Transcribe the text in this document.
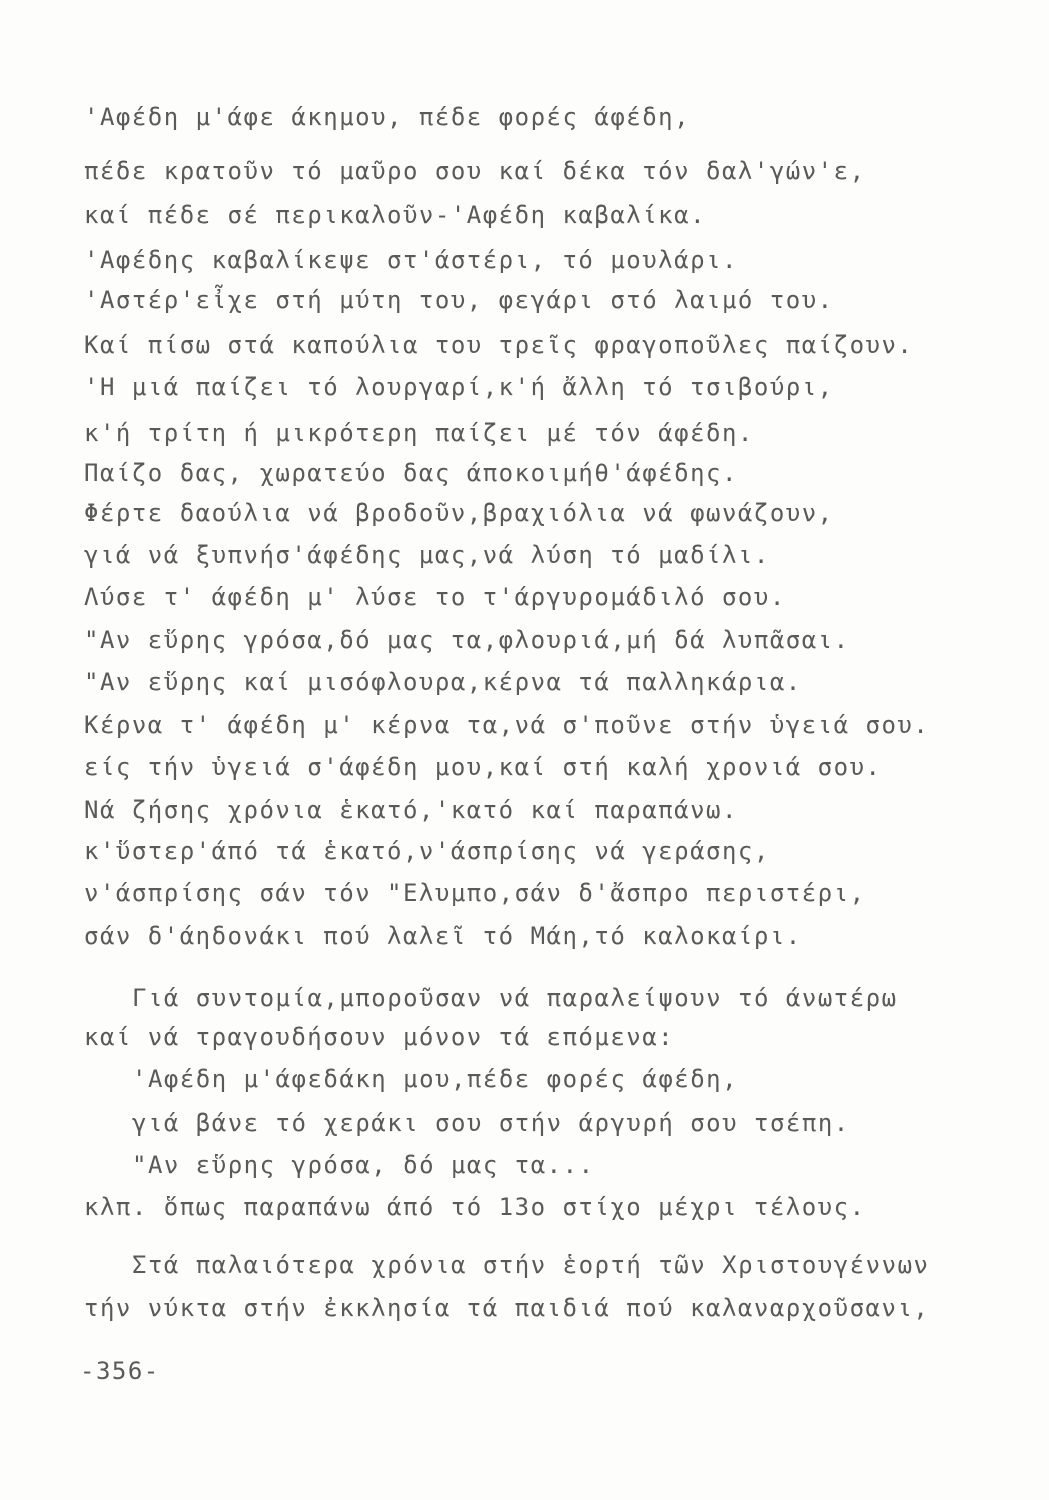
'Αφέδη μ'άφε άκημου, πέδε φορές άφέδη,
πέδε κρατοῦν τό μαῦρο σου καί δέκα τόν δαλ'γών'ε,
καί πέδε σέ περικαλοῦν-'Αφέδη καβαλίκα.
'Αφέδης καβαλίκεψε στ'άστέρι, τό μουλάρι.
'Αστέρ'εἶχε στή μύτη του, φεγάρι στό λαιμό του.
Καί πίσω στά καπούλια του τρεῖς φραγοποῦλες παίζουν.
'Η μιά παίζει τό λουργαρί,κ'ή ἄλλη τό τσιβούρι,
κ'ή τρίτη ή μικρότερη παίζει μέ τόν άφέδη.
Παίζο δας, χωρατεύο δας άποκοιμήθ'άφέδης.
Φέρτε δαούλια νά βροδοῦν,βραχιόλια νά φωνάζουν,
γιά νά ξυπνήσ'άφέδης μας,νά λύση τό μαδίλι.
Λύσε τ' άφέδη μ' λύσε το τ'άργυρομάδιλό σου.
"Αν εὕρης γρόσα,δό μας τα,φλουριά,μή δά λυπᾶσαι.
"Αν εὕρης καί μισόφλουρα,κέρνα τά παλληκάρια.
Κέρνα τ' άφέδη μ' κέρνα τα,νά σ'ποῦνε στήν ὑγειά σου.
είς τήν ὑγειά σ'άφέδη μου,καί στή καλή χρονιά σου.
Νά ζήσης χρόνια ἑκατό,'κατό καί παραπάνω.
κ'ὕστερ'άπό τά ἑκατό,ν'άσπρίσης νά γεράσης,
ν'άσπρίσης σάν τόν "Ελυμπο,σάν δ'ἄσπρο περιστέρι,
σάν δ'άηδονάκι πού λαλεῖ τό Μάη,τό καλοκαίρι.
Γιά συντομία,μποροῦσαν νά παραλείψουν τό άνωτέρω
καί νά τραγουδήσουν μόνον τά επόμενα:
'Αφέδη μ'άφεδάκη μου,πέδε φορές άφέδη,
γιά βάνε τό χεράκι σου στήν άργυρή σου τσέπη.
"Αν εὕρης γρόσα, δό μας τα...
κλπ. ὅπως παραπάνω άπό τό 13ο στίχο μέχρι τέλους.
Στά παλαιότερα χρόνια στήν ἑορτή τῶν Χριστουγέννων
τήν νύκτα στήν ἐκκλησία τά παιδιά πού καλαναρχοῦσανι,
-356-
